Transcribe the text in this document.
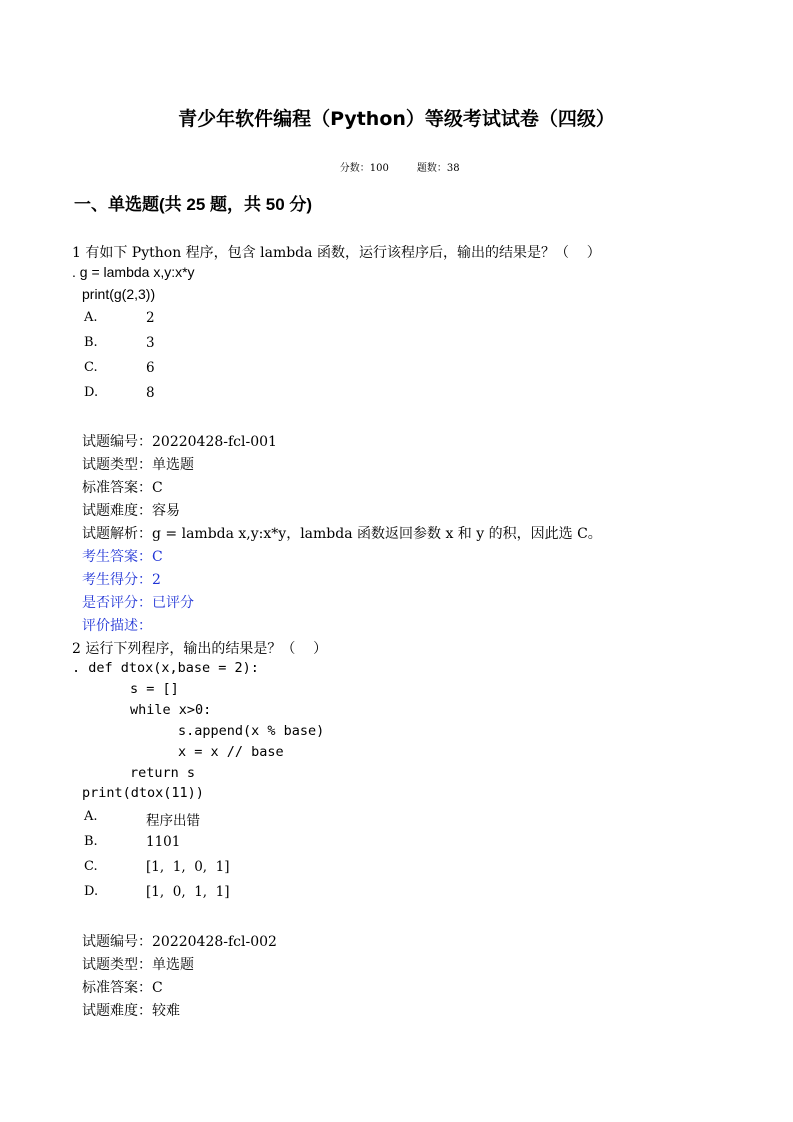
青少年软件编程（Python）等级考试试卷（四级）

分数：100	题数：38

一、单选题(共 25 题，共 50 分)
1 有如下 Python 程序，包含 lambda 函数，运行该程序后，输出的结果是？（    ）
. g = lambda x,y:x*y
print(g(2,3))
A.	2
B.	3
C.	6
D.	8
试题编号：20220428-fcl-001
试题类型：单选题
标准答案：C
试题难度：容易
试题解析：g = lambda x,y:x*y，lambda 函数返回参数 x 和 y 的积，因此选 C。
考生答案：C
考生得分：2
是否评分：已评分
评价描述：
2 运行下列程序，输出的结果是？（    ）
. def dtox(x,base = 2):
s = []
while x>0:
s.append(x % base)
x = x // base
return s
print(dtox(11))
A.	程序出错
B.	1101
C.	[1,  1,  0,  1]
D.	[1,  0,  1,  1]
试题编号：20220428-fcl-002
试题类型：单选题
标准答案：C
试题难度：较难
